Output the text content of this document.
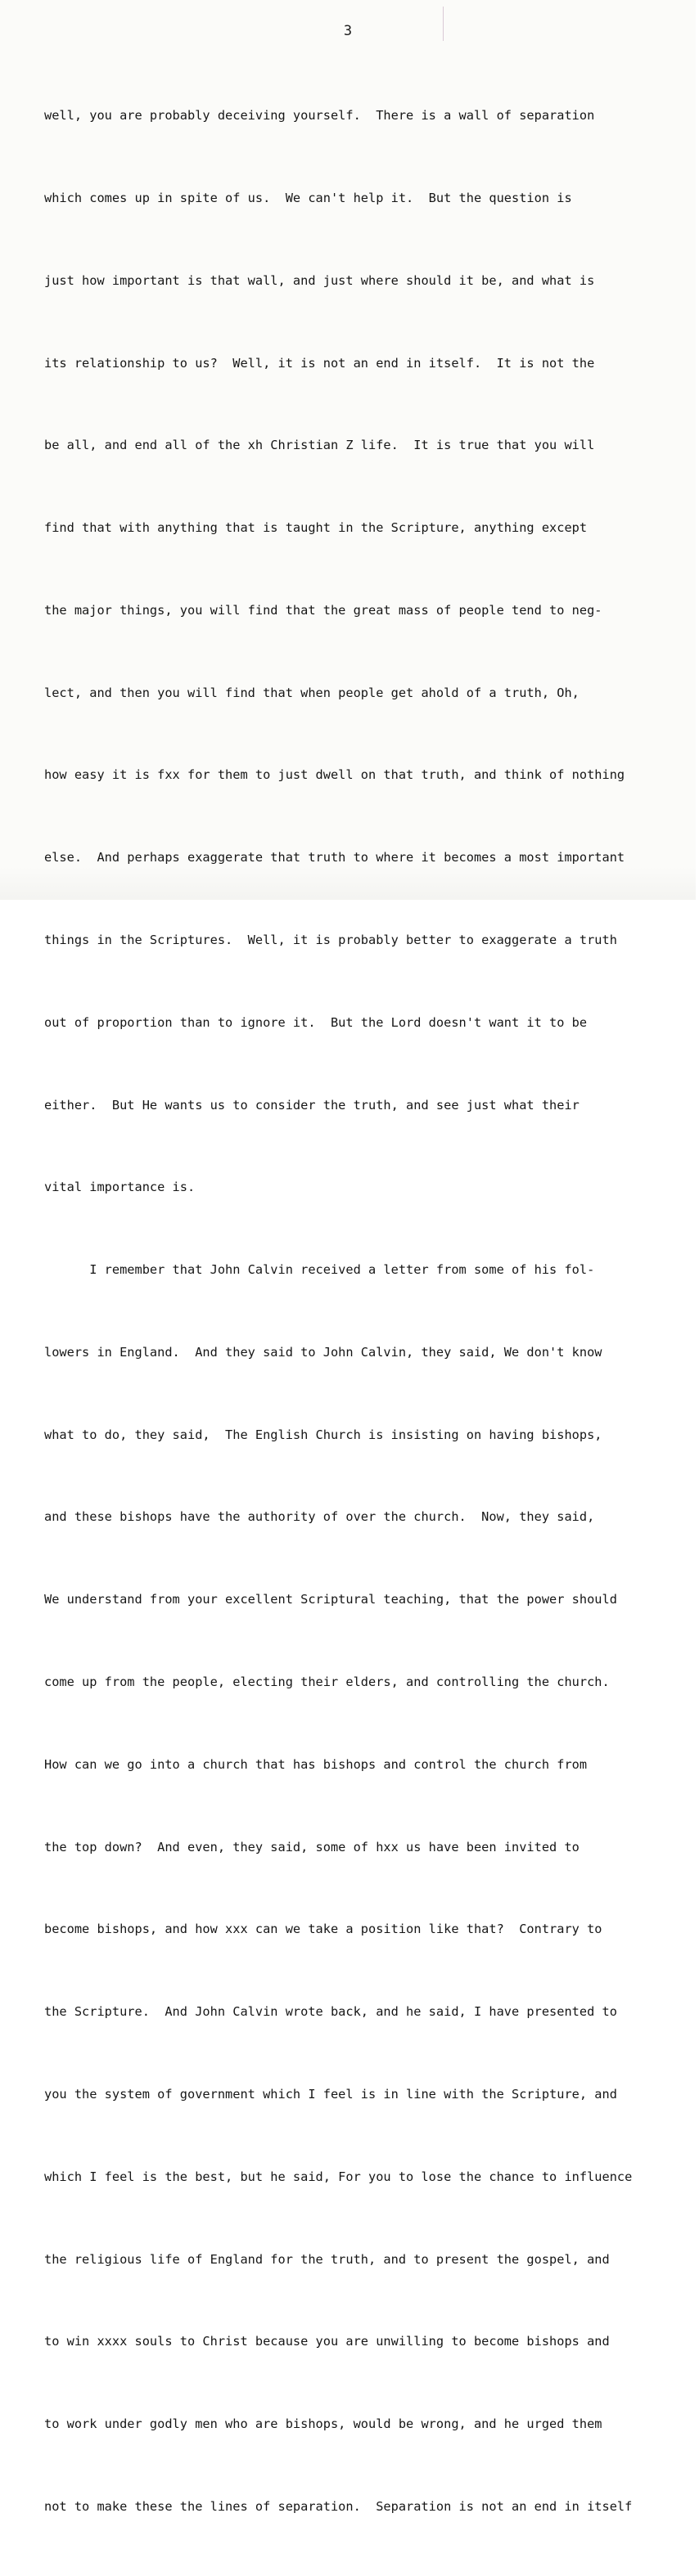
3

well, you are probably deceiving yourself.  There is a wall of separation

which comes up in spite of us.  We can't help it.  But the question is

just how important is that wall, and just where should it be, and what is

its relationship to us?  Well, it is not an end in itself.  It is not the

be all, and end all of the xh Christian Z life.  It is true that you will

find that with anything that is taught in the Scripture, anything except

the major things, you will find that the great mass of people tend to neg-

lect, and then you will find that when people get ahold of a truth, Oh,

how easy it is fxx for them to just dwell on that truth, and think of nothing

else.  And perhaps exaggerate that truth to where it becomes a most important

things in the Scriptures.  Well, it is probably better to exaggerate a truth

out of proportion than to ignore it.  But the Lord doesn't want it to be

either.  But He wants us to consider the truth, and see just what their

vital importance is.

I remember that John Calvin received a letter from some of his fol-

lowers in England.  And they said to John Calvin, they said, We don't know

what to do, they said,  The English Church is insisting on having bishops,

and these bishops have the authority of over the church.  Now, they said,

We understand from your excellent Scriptural teaching, that the power should

come up from the people, electing their elders, and controlling the church.

How can we go into a church that has bishops and control the church from

the top down?  And even, they said, some of hxx us have been invited to

become bishops, and how xxx can we take a position like that?  Contrary to

the Scripture.  And John Calvin wrote back, and he said, I have presented to

you the system of government which I feel is in line with the Scripture, and

which I feel is the best, but he said, For you to lose the chance to influence

the religious life of England for the truth, and to present the gospel, and

to win xxxx souls to Christ because you are unwilling to become bishops and

to work under godly men who are bishops, would be wrong, and he urged them

not to make these the lines of separation.  Separation is not an end in itself
